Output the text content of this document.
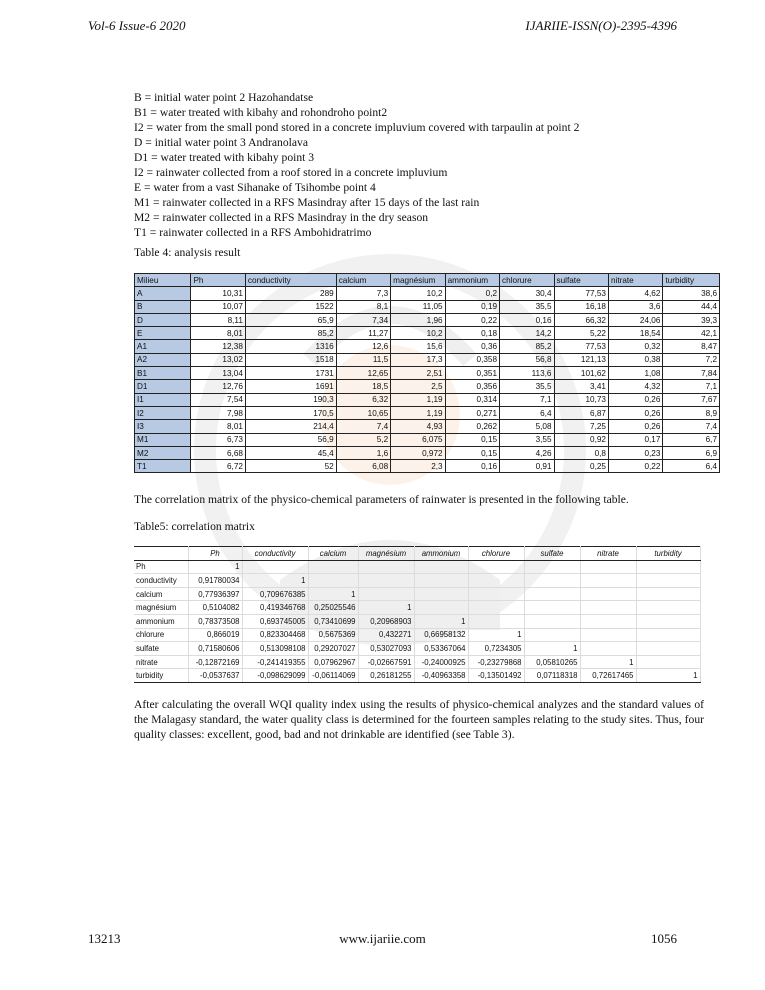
Vol-6 Issue-6 2020	IJARIIE-ISSN(O)-2395-4396
B = initial water point 2 Hazohandatse
B1 = water treated with kibahy and rohondroho point2
I2 = water from the small pond stored in a concrete impluvium covered with tarpaulin at point 2
D = initial water point 3 Andranolava
D1 = water treated with kibahy point 3
I2 = rainwater collected from a roof stored in a concrete impluvium
E = water from a vast Sihanake of Tsihombe point 4
M1 = rainwater collected in a RFS Masindray after 15 days of the last rain
M2 = rainwater collected in a RFS Masindray in the dry season
T1 = rainwater collected in a RFS Ambohidratrimo
Table 4: analysis result
Milieu	Ph	conductivity	calcium	magnésium	ammonium	chlorure	sulfate	nitrate	turbidity
A	10,31	289	7,3	10,2	0,2	30,4	77,53	4,62	38,6
B	10,07	1522	8,1	11,05	0,19	35,5	16,18	3,6	44,4
D	8,11	65,9	7,34	1,96	0,22	0,16	66,32	24,06	39,3
E	8,01	85,2	11,27	10,2	0,18	14,2	5,22	18,54	42,1
A1	12,38	1316	12,6	15,6	0,36	85,2	77,53	0,32	8,47
A2	13,02	1518	11,5	17,3	0,358	56,8	121,13	0,38	7,2
B1	13,04	1731	12,65	2,51	0,351	113,6	101,62	1,08	7,84
D1	12,76	1691	18,5	2,5	0,356	35,5	3,41	4,32	7,1
I1	7,54	190,3	6,32	1,19	0,314	7,1	10,73	0,26	7,67
I2	7,98	170,5	10,65	1,19	0,271	6,4	6,87	0,26	8,9
I3	8,01	214,4	7,4	4,93	0,262	5,08	7,25	0,26	7,4
M1	6,73	56,9	5,2	6,075	0,15	3,55	0,92	0,17	6,7
M2	6,68	45,4	1,6	0,972	0,15	4,26	0,8	0,23	6,9
T1	6,72	52	6,08	2,3	0,16	0,91	0,25	0,22	6,4
The correlation matrix of the physico-chemical parameters of rainwater is presented in the following table.
Table5: correlation matrix
	Ph	conductivity	calcium	magnésium	ammonium	chlorure	sulfate	nitrate	turbidity
Ph	1								
conductivity	0,91780034	1							
calcium	0,77936397	0,709676385	1						
magnésium	0,5104082	0,419346768	0,25025546	1					
ammonium	0,78373508	0,693745005	0,73410699	0,20968903	1				
chlorure	0,866019	0,823304468	0,5675369	0,432271	0,66958132	1			
sulfate	0,71580606	0,513098108	0,29207027	0,53027093	0,53367064	0,7234305	1		
nitrate	-0,12872169	-0,241419355	0,07962967	-0,02667591	-0,24000925	-0,23279868	0,05810265	1	
turbidity	-0,0537637	-0,098629099	-0,06114069	0,26181255	-0,40963358	-0,13501492	0,07118318	0,72617465	1
After calculating the overall WQI quality index using the results of physico-chemical analyzes and the standard values of the Malagasy standard, the water quality class is determined for the fourteen samples relating to the study sites. Thus, four quality classes: excellent, good, bad and not drinkable are identified (see Table 3).
13213	www.ijariie.com	1056
